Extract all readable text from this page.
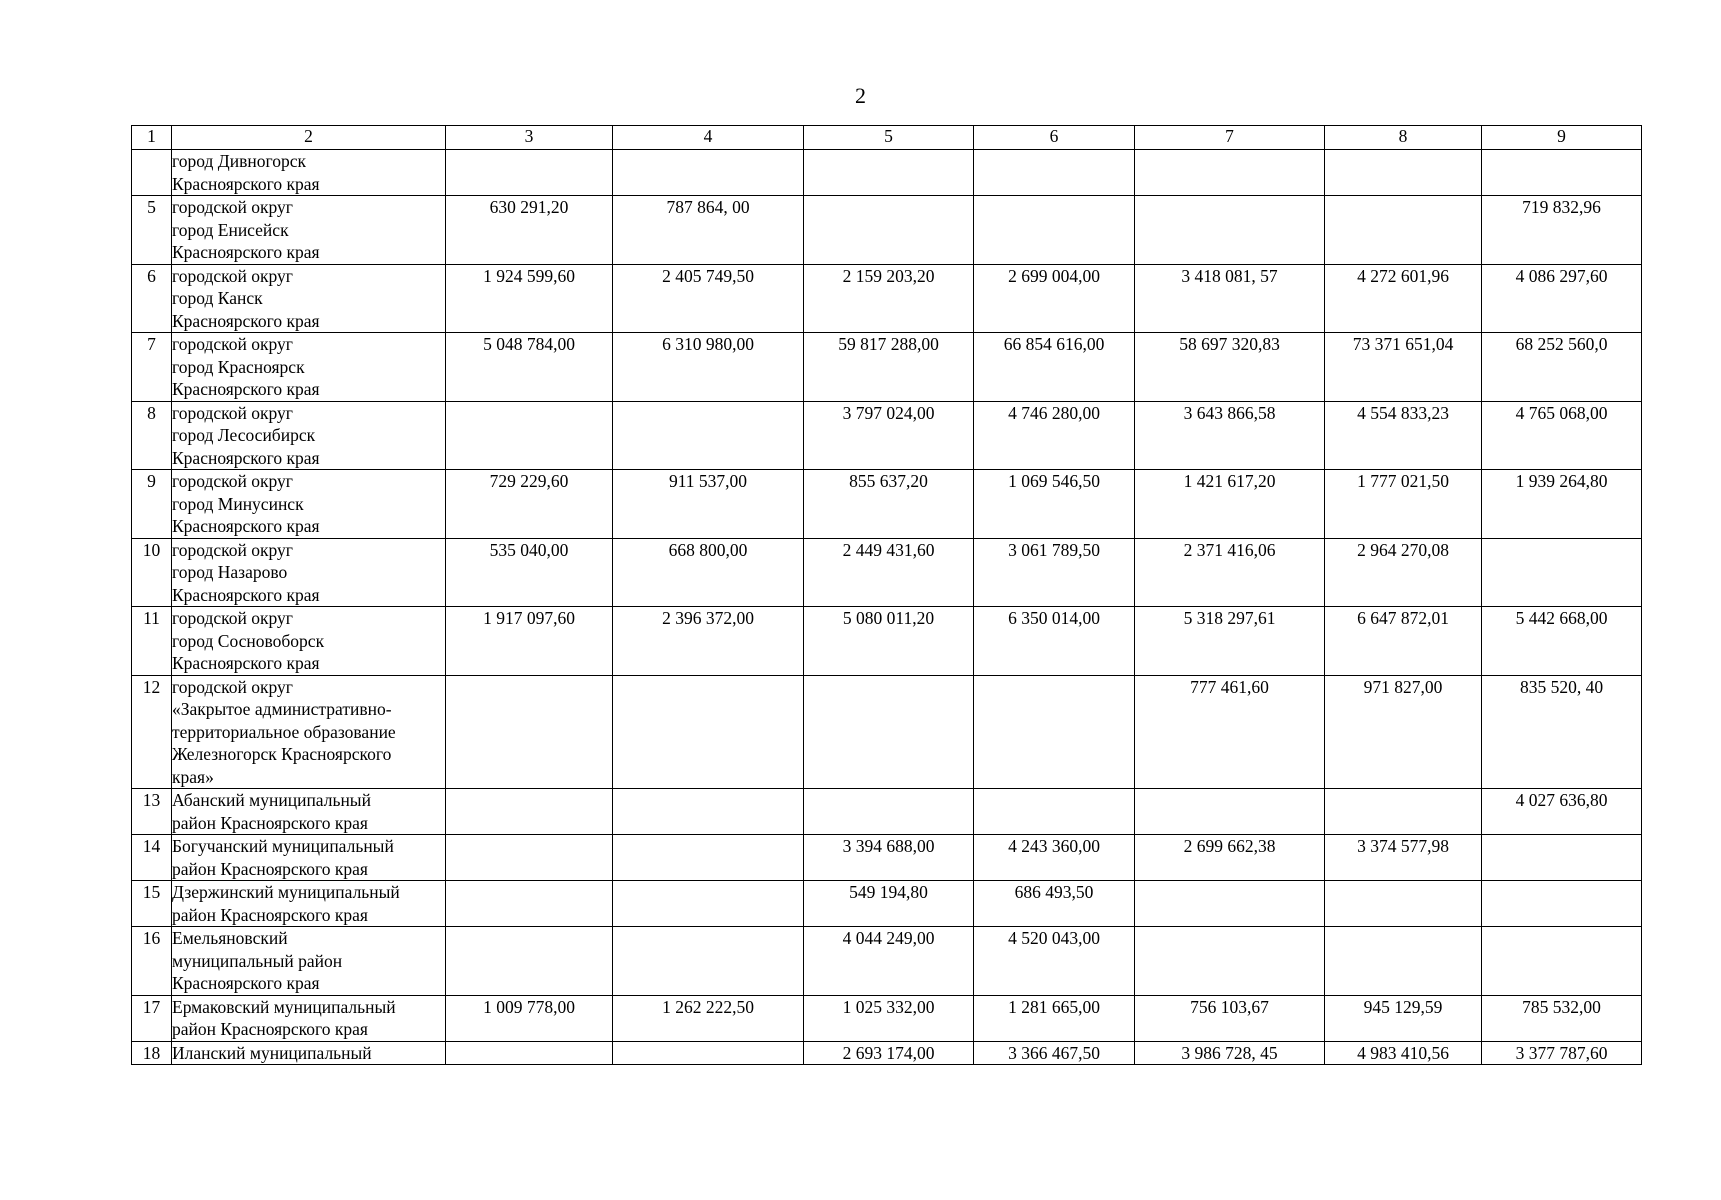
2
1	2	3	4	5	6	7	8	9

	город Дивногорск
Красноярского края							

5	городской округ
город Енисейск
Красноярского края	630 291,20	787 864, 00					719 832,96
6	городской округ
город Канск
Красноярского края	1 924 599,60	2 405 749,50	2 159 203,20	2 699 004,00	3 418 081, 57	4 272 601,96	4 086 297,60
7	городской округ
город Красноярск
Красноярского края	5 048 784,00	6 310 980,00	59 817 288,00	66 854 616,00	58 697 320,83	73 371 651,04	68 252 560,0
8	городской округ
город Лесосибирск
Красноярского края			3 797 024,00	4 746 280,00	3 643 866,58	4 554 833,23	4 765 068,00
9	городской округ
город Минусинск
Красноярского края	729 229,60	911 537,00	855 637,20	1 069 546,50	1 421 617,20	1 777 021,50	1 939 264,80
10	городской округ
город Назарово
Красноярского края	535 040,00	668 800,00	2 449 431,60	3 061 789,50	2 371 416,06	2 964 270,08	
11	городской округ
город Сосновоборск
Красноярского края	1 917 097,60	2 396 372,00	5 080 011,20	6 350 014,00	5 318 297,61	6 647 872,01	5 442 668,00
12	городской округ
«Закрытое административно-
территориальное образование
Железногорск Красноярского
края»					777 461,60	971 827,00	835 520, 40
13	Абанский муниципальный
район Красноярского края							4 027 636,80
14	Богучанский муниципальный
район Красноярского края			3 394 688,00	4 243 360,00	2 699 662,38	3 374 577,98	
15	Дзержинский муниципальный
район Красноярского края			549 194,80	686 493,50			
16	Емельяновский
муниципальный район
Красноярского края			4 044 249,00	4 520 043,00			
17	Ермаковский муниципальный
район Красноярского края	1 009 778,00	1 262 222,50	1 025 332,00	1 281 665,00	756 103,67	945 129,59	785 532,00
18	Иланский муниципальный			2 693 174,00	3 366 467,50	3 986 728, 45	4 983 410,56	3 377 787,60
